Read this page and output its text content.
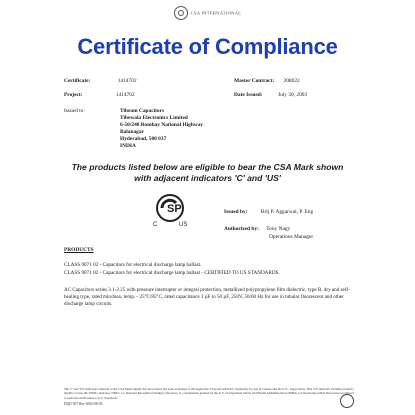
CSA INTERNATIONAL
Certificate of Compliance
Certificate:	1414702	Master Contract: 208022
Project:	1414702	Date Issued:	July 30, 2003
Issued to:	Tibeam Capacitors
Tibewala Electronics Limited
6-50/240 Bombay National Highway
Balanagar
Hyderabad, 500 037
INDIA
The products listed below are eligible to bear the CSA Mark shown
with adjacent indicators 'C' and 'US'
SP
C	US
Issued by: Brij P. Aggarwal, P. Eng
Authorized by: Tony Nagy
Operations Manager
PRODUCTS
CLASS 9071 02 - Capacitors for electrical discharge lamp ballast.
CLASS 9071 82 - Capacitors for electrical discharge lamp ballast - CERTIFIED TO US STANDARDS.
AC Capacitors series 3.1-2.25 with pressure interrupter or integral protection, metallized polypropylene film dielectric, type B, dry and self-healing type, rated min/max. temp. - 25°C/85°C, rated capacitance 1 µF to 50 µF, 250V, 50/60 Hz for use in tubular fluorescent and other discharge lamp circuits.
The 'C' and 'US' indicators adjacent to the CSA Mark signify that the product has been evaluated to the applicable CSA and ANSI/UL Standards, for use in Canada and the U.S., respectively. This 'US' indicator includes products eligible to bear the 'NRTL' indicator. NRTL, i.e. National Recognized Testing Laboratory, is a designation granted by the U.S. Occupational Safety and Health Administration (OSHA) to laboratories which have been recognized to perform certification to U.S. Standards.
DQD 507 Rev 2002-06-03
